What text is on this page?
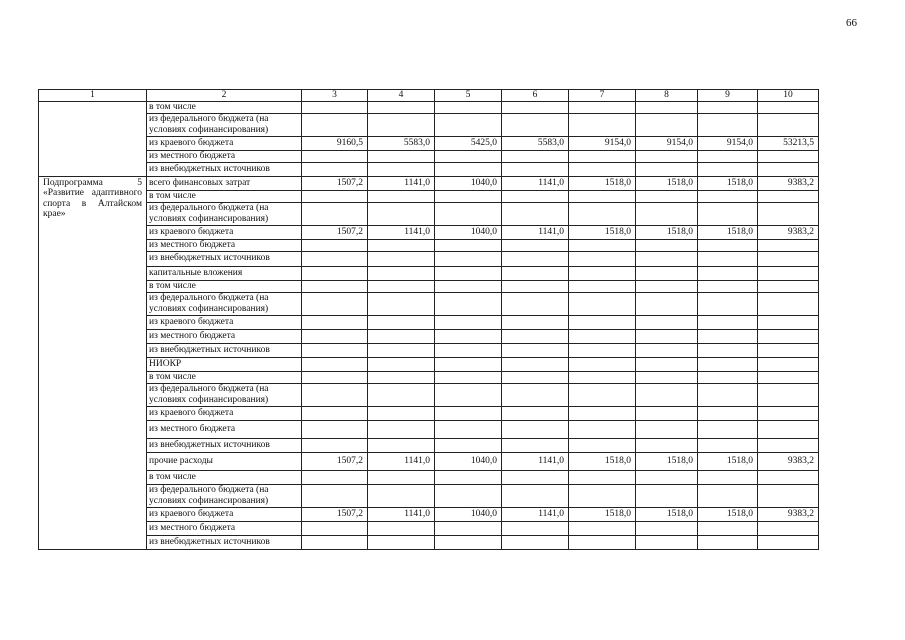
66
1	2	3	4	5	6	7	8	9	10
	в том числе								
	из федерального бюджета (на условиях софинансирования)								
	из краевого бюджета	9160,5	5583,0	5425,0	5583,0	9154,0	9154,0	9154,0	53213,5
	из местного бюджета								
	из внебюджетных источников								
Подпрограмма 5 «Развитие адаптивного спорта в Алтайском крае»	всего финансовых затрат	1507,2	1141,0	1040,0	1141,0	1518,0	1518,0	1518,0	9383,2
	в том числе								
	из федерального бюджета (на условиях софинансирования)								
	из краевого бюджета	1507,2	1141,0	1040,0	1141,0	1518,0	1518,0	1518,0	9383,2
	из местного бюджета								
	из внебюджетных источников								
	капитальные вложения								
	в том числе								
	из федерального бюджета (на условиях софинансирования)								
	из краевого бюджета								
	из местного бюджета								
	из внебюджетных источников								
	НИОКР								
	в том числе								
	из федерального бюджета (на условиях софинансирования)								
	из краевого бюджета								
	из местного бюджета								
	из внебюджетных источников								
	прочие расходы	1507,2	1141,0	1040,0	1141,0	1518,0	1518,0	1518,0	9383,2
	в том числе								
	из федерального бюджета (на условиях софинансирования)								
	из краевого бюджета	1507,2	1141,0	1040,0	1141,0	1518,0	1518,0	1518,0	9383,2
	из местного бюджета								
	из внебюджетных источников								
